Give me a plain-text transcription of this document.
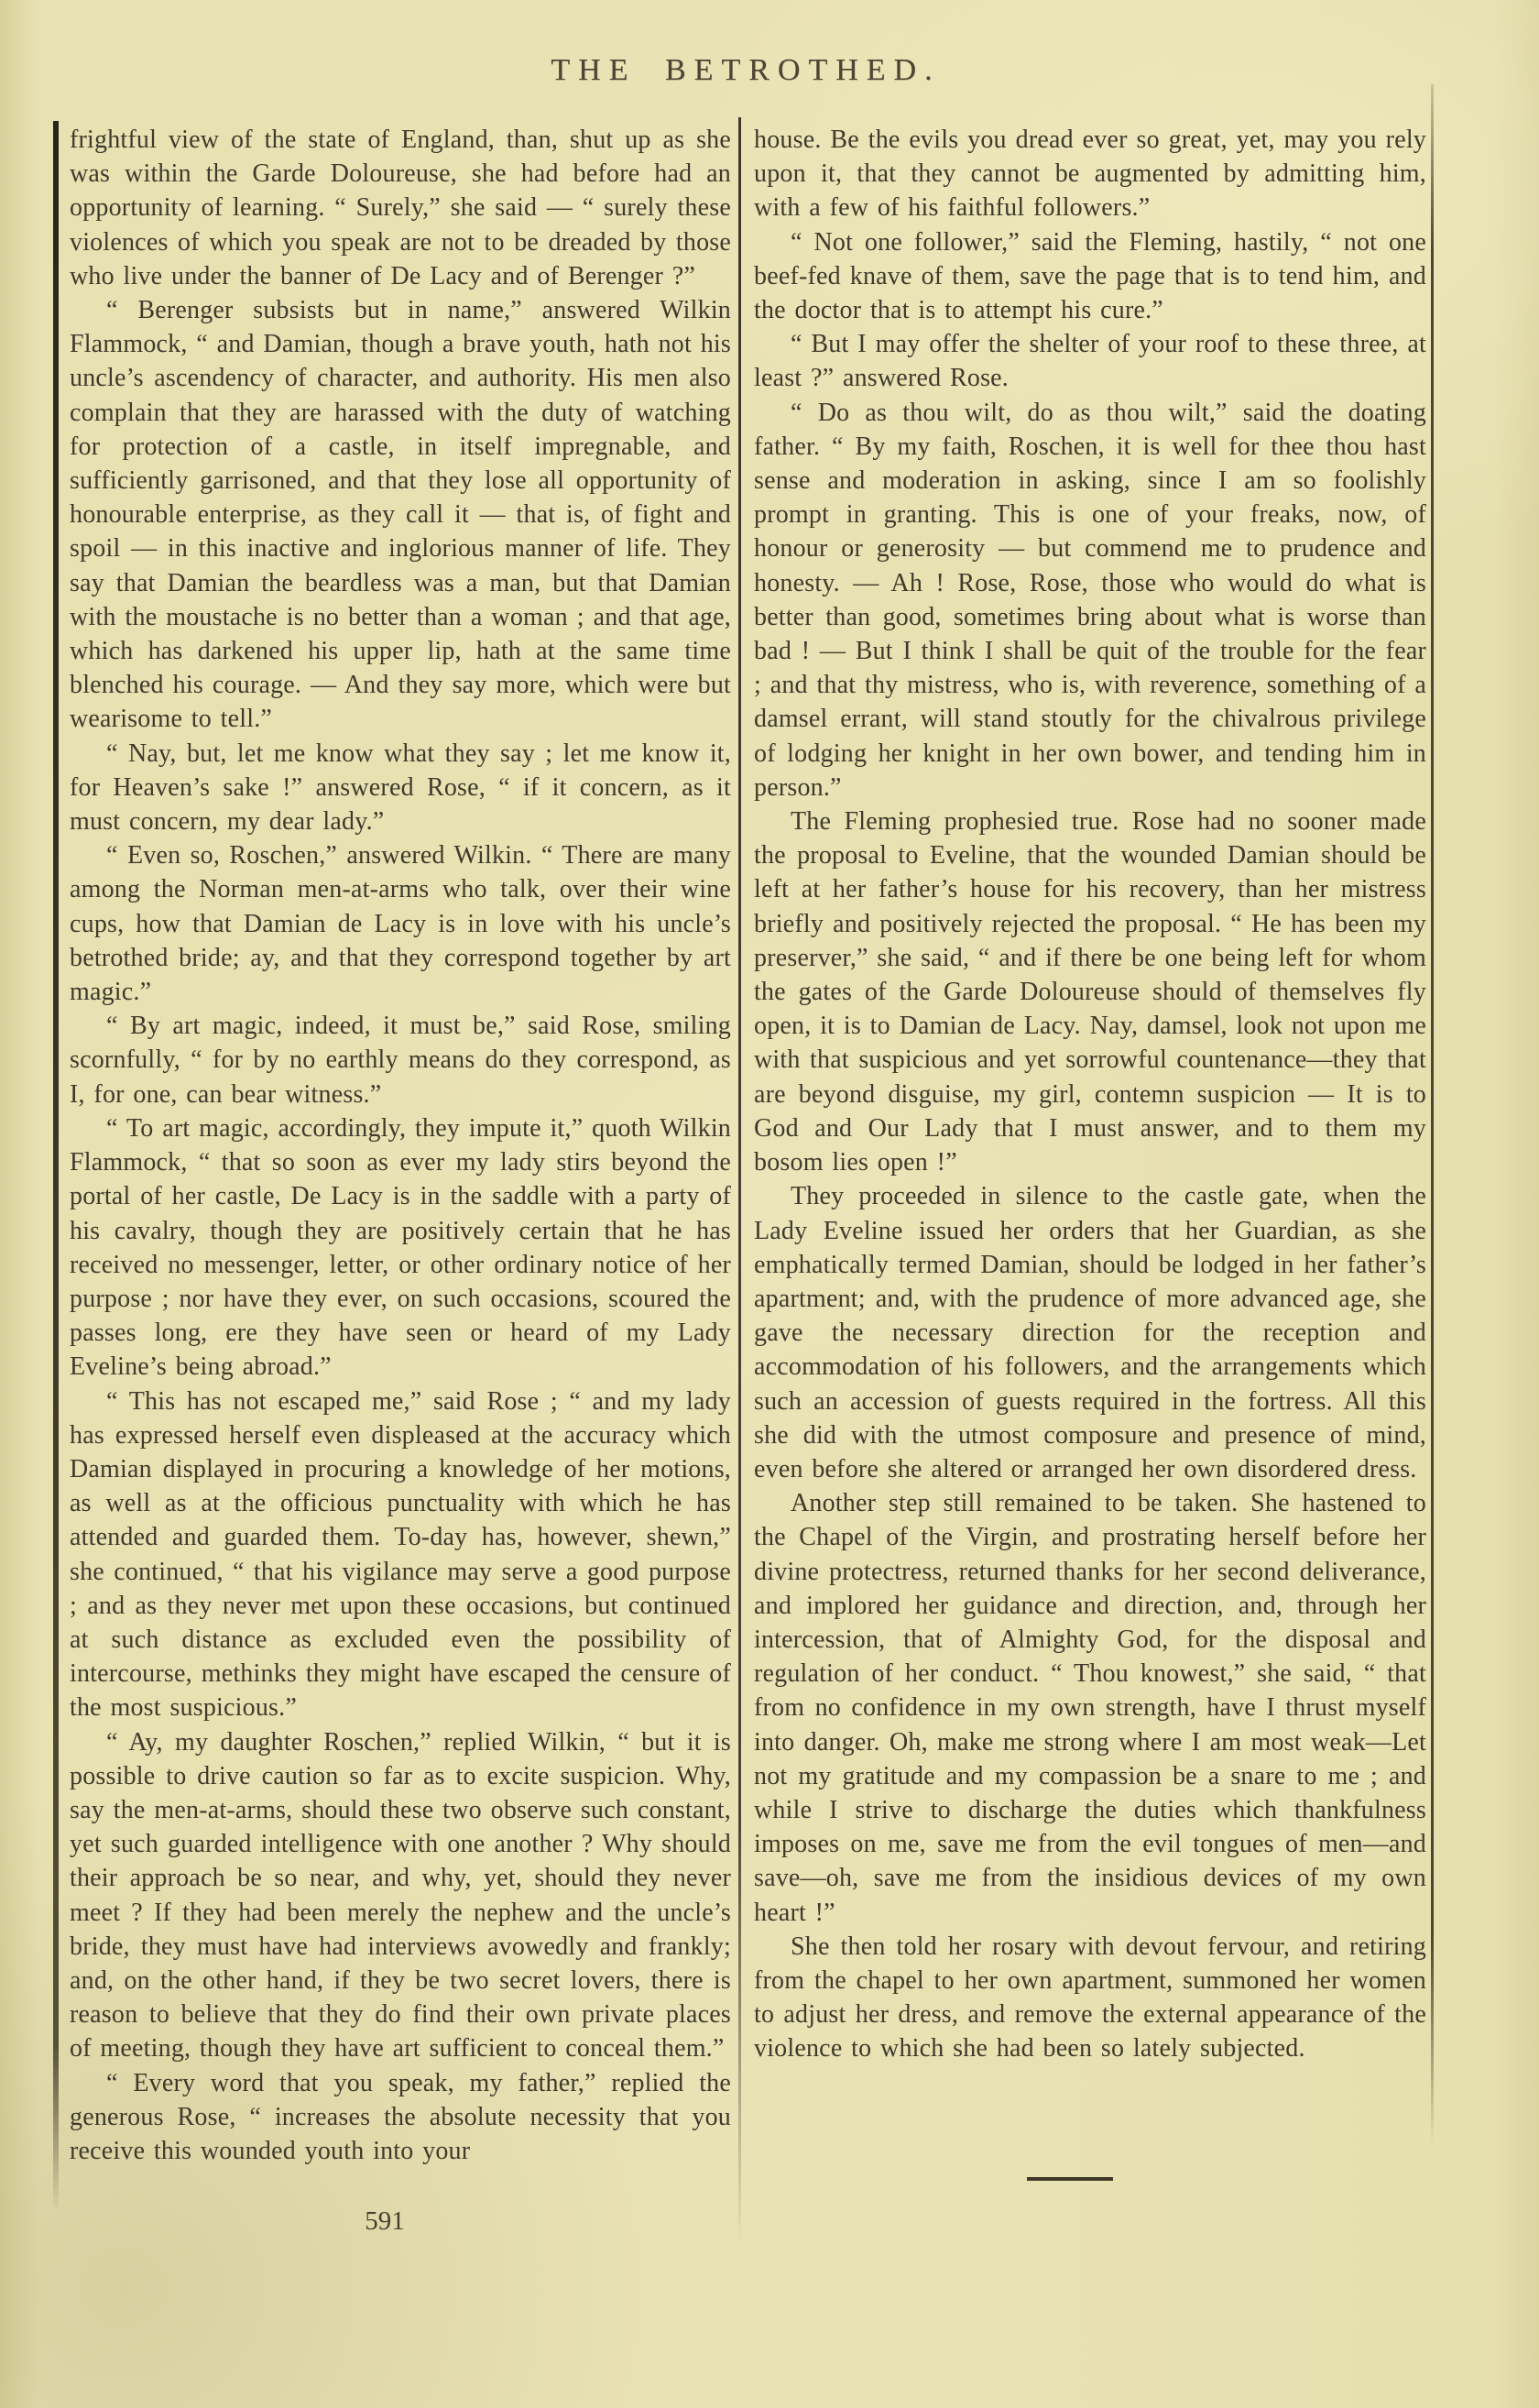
THE BETROTHED.

frightful view of the state of England, than, shut up as she was within the Garde Doloureuse, she had before had an opportunity of learning. “ Surely,” she said — “ surely these violences of which you speak are not to be dreaded by those who live under the banner of De Lacy and of Berenger ?”

“ Berenger subsists but in name,” answered Wilkin Flammock, “ and Damian, though a brave youth, hath not his uncle’s ascendency of character, and authority. His men also complain that they are harassed with the duty of watching for protection of a castle, in itself impregnable, and sufficiently garrisoned, and that they lose all opportunity of honourable enterprise, as they call it — that is, of fight and spoil — in this inactive and inglorious manner of life. They say that Damian the beardless was a man, but that Damian with the moustache is no better than a woman ; and that age, which has darkened his upper lip, hath at the same time blenched his courage. — And they say more, which were but wearisome to tell.”

“ Nay, but, let me know what they say ; let me know it, for Heaven’s sake !” answered Rose, “ if it concern, as it must concern, my dear lady.”

“ Even so, Roschen,” answered Wilkin. “ There are many among the Norman men-at-arms who talk, over their wine cups, how that Damian de Lacy is in love with his uncle’s betrothed bride; ay, and that they correspond together by art magic.”

“ By art magic, indeed, it must be,” said Rose, smiling scornfully, “ for by no earthly means do they correspond, as I, for one, can bear witness.”

“ To art magic, accordingly, they impute it,” quoth Wilkin Flammock, “ that so soon as ever my lady stirs beyond the portal of her castle, De Lacy is in the saddle with a party of his cavalry, though they are positively certain that he has received no messenger, letter, or other ordinary notice of her purpose ; nor have they ever, on such occasions, scoured the passes long, ere they have seen or heard of my Lady Eveline’s being abroad.”

“ This has not escaped me,” said Rose ; “ and my lady has expressed herself even displeased at the accuracy which Damian displayed in procuring a knowledge of her motions, as well as at the officious punctuality with which he has attended and guarded them. To-day has, however, shewn,” she continued, “ that his vigilance may serve a good purpose ; and as they never met upon these occasions, but continued at such distance as excluded even the possibility of intercourse, methinks they might have escaped the censure of the most suspicious.”

“ Ay, my daughter Roschen,” replied Wilkin, “ but it is possible to drive caution so far as to excite suspicion. Why, say the men-at-arms, should these two observe such constant, yet such guarded intelligence with one another ? Why should their approach be so near, and why, yet, should they never meet ? If they had been merely the nephew and the uncle’s bride, they must have had interviews avowedly and frankly; and, on the other hand, if they be two secret lovers, there is reason to believe that they do find their own private places of meeting, though they have art sufficient to conceal them.”

“ Every word that you speak, my father,” replied the generous Rose, “ increases the absolute necessity that you receive this wounded youth into your

house. Be the evils you dread ever so great, yet, may you rely upon it, that they cannot be augmented by admitting him, with a few of his faithful followers.”

“ Not one follower,” said the Fleming, hastily, “ not one beef-fed knave of them, save the page that is to tend him, and the doctor that is to attempt his cure.”

“ But I may offer the shelter of your roof to these three, at least ?” answered Rose.

“ Do as thou wilt, do as thou wilt,” said the doating father. “ By my faith, Roschen, it is well for thee thou hast sense and moderation in asking, since I am so foolishly prompt in granting. This is one of your freaks, now, of honour or generosity — but commend me to prudence and honesty. — Ah ! Rose, Rose, those who would do what is better than good, sometimes bring about what is worse than bad ! — But I think I shall be quit of the trouble for the fear ; and that thy mistress, who is, with reverence, something of a damsel errant, will stand stoutly for the chivalrous privilege of lodging her knight in her own bower, and tending him in person.”

The Fleming prophesied true. Rose had no sooner made the proposal to Eveline, that the wounded Damian should be left at her father’s house for his recovery, than her mistress briefly and positively rejected the proposal. “ He has been my preserver,” she said, “ and if there be one being left for whom the gates of the Garde Doloureuse should of themselves fly open, it is to Damian de Lacy. Nay, damsel, look not upon me with that suspicious and yet sorrowful countenance—they that are beyond disguise, my girl, contemn suspicion — It is to God and Our Lady that I must answer, and to them my bosom lies open !”

They proceeded in silence to the castle gate, when the Lady Eveline issued her orders that her Guardian, as she emphatically termed Damian, should be lodged in her father’s apartment; and, with the prudence of more advanced age, she gave the necessary direction for the reception and accommodation of his followers, and the arrangements which such an accession of guests required in the fortress. All this she did with the utmost composure and presence of mind, even before she altered or arranged her own disordered dress.

Another step still remained to be taken. She hastened to the Chapel of the Virgin, and prostrating herself before her divine protectress, returned thanks for her second deliverance, and implored her guidance and direction, and, through her intercession, that of Almighty God, for the disposal and regulation of her conduct. “ Thou knowest,” she said, “ that from no confidence in my own strength, have I thrust myself into danger. Oh, make me strong where I am most weak—Let not my gratitude and my compassion be a snare to me ; and while I strive to discharge the duties which thankfulness imposes on me, save me from the evil tongues of men—and save—oh, save me from the insidious devices of my own heart !”

She then told her rosary with devout fervour, and retiring from the chapel to her own apartment, summoned her women to adjust her dress, and remove the external appearance of the violence to which she had been so lately subjected.

591
